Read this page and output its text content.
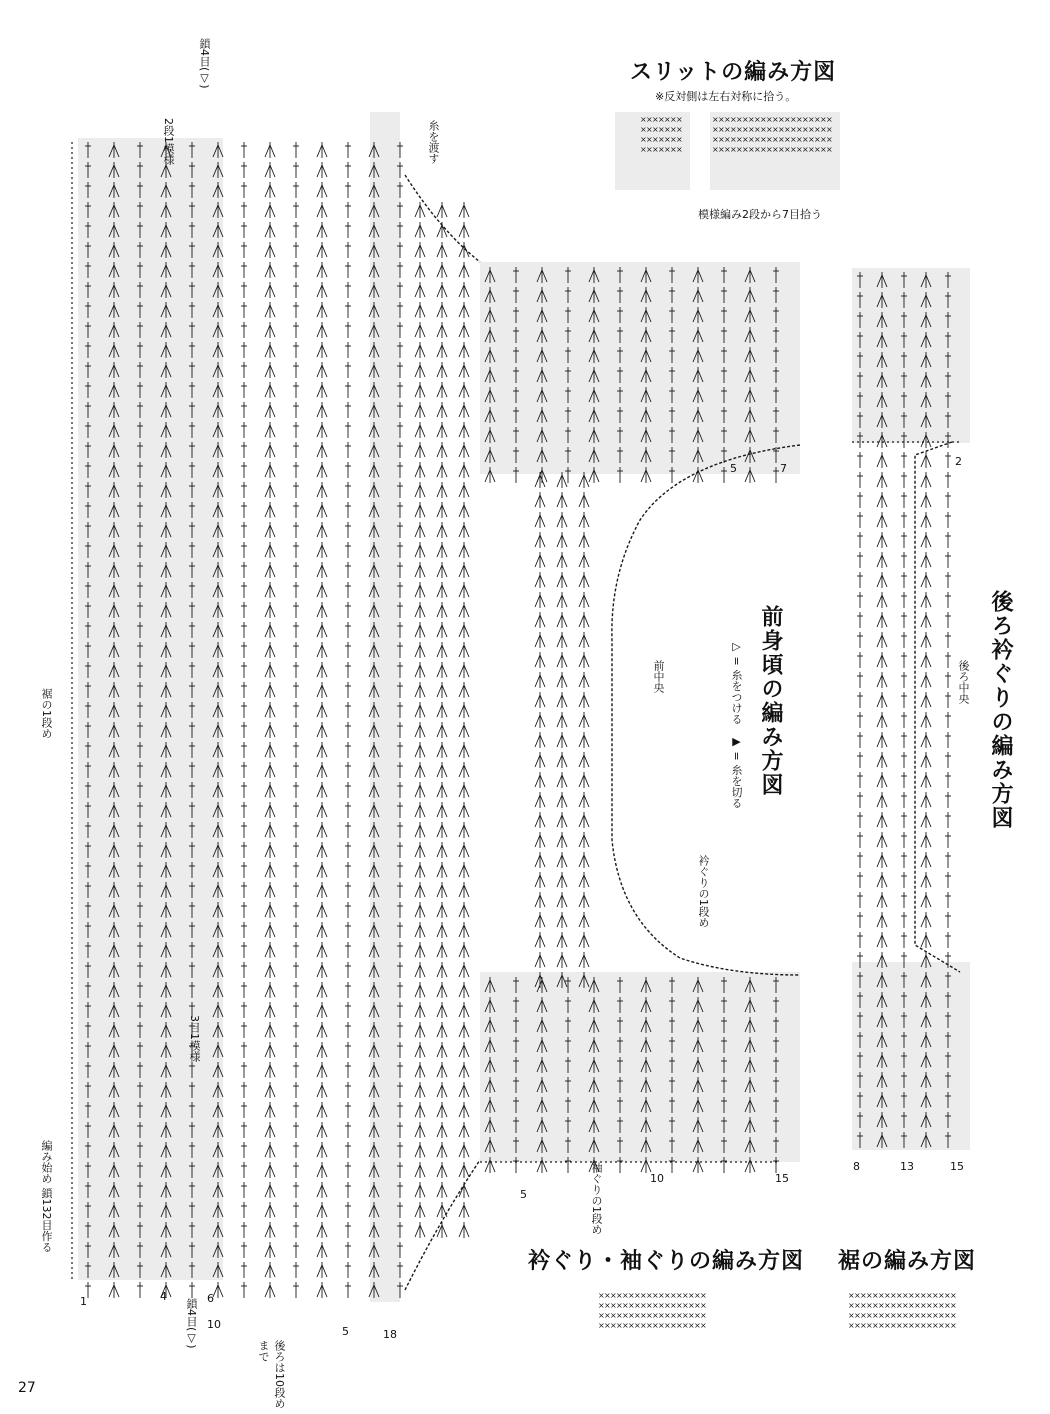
× × × × × × ×	× × × × × × × × × × × × × × × × × × × ×
× × × × × × ×	× × × × × × × × × × × × × × × × × × × ×
× × × × × × ×	× × × × × × × × × × × × × × × × × × × ×
× × × × × × ×	× × × × × × × × × × × × × × × × × × × ×
× × × × × × × × × × × × × × × × × ×	× × × × × × × × × × × × × × × × × ×
× × × × × × × × × × × × × × × × × ×	× × × × × × × × × × × × × × × × × ×
× × × × × × × × × × × × × × × × × ×	× × × × × × × × × × × × × × × × × ×
× × × × × × × × × × × × × × × × × ×	× × × × × × × × × × × × × × × × × ×
スリットの編み方図
※反対側は左右対称に拾う。
模様編み2段から7目拾う
衿ぐり・袖ぐりの編み方図 裾の編み方図
前身頃の編み方図
▷ = 糸をつける
▶ = 糸を切る	後ろ衿ぐりの編み方図
鎖4目(▽)
2段1模様	糸を渡す
裾の1段め
編み始め 鎖132目作る
3目1模様
前中央	後ろ中央
衿ぐりの1段め
袖ぐりの1段め
鎖4目(▽)
後ろは10段めまで
1	4	6
10
5	18
5
10	15
5	7
2
8	13	15
27
